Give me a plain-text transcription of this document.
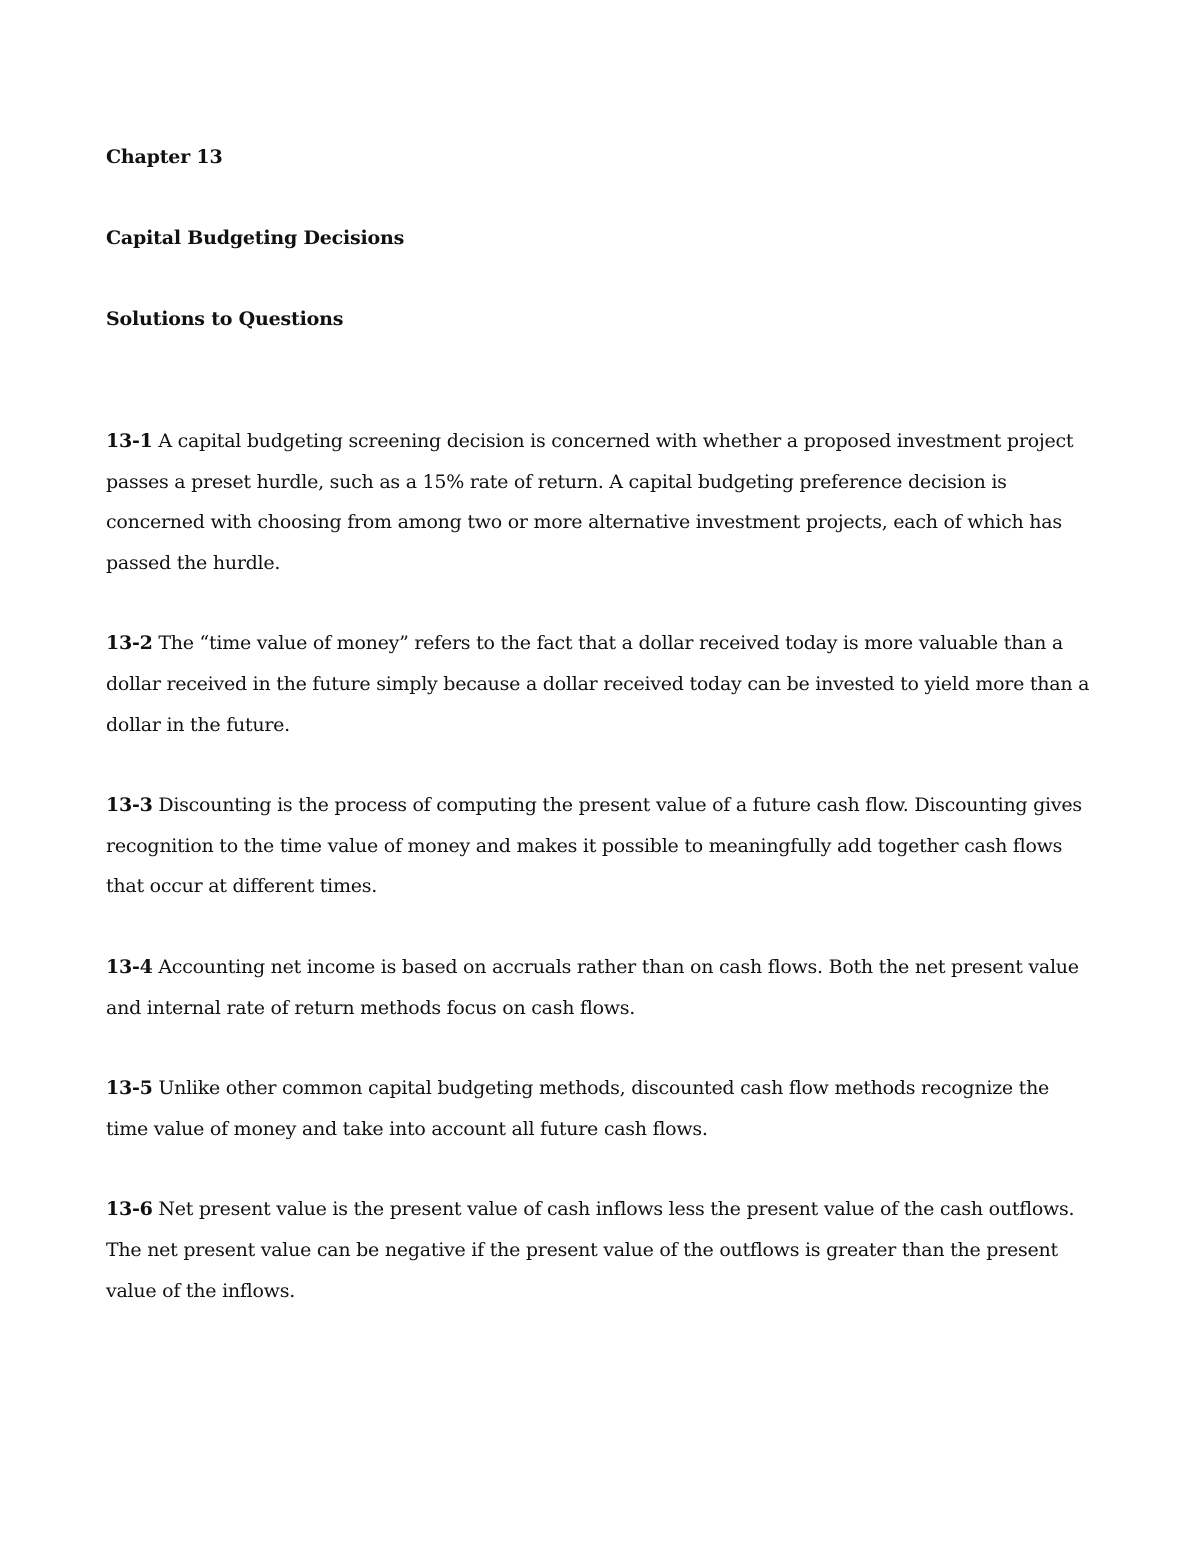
Chapter 13

Capital Budgeting Decisions

Solutions to Questions

13-1 A capital budgeting screening decision is concerned with whether a proposed investment project passes a preset hurdle, such as a 15% rate of return. A capital budgeting preference decision is concerned with choosing from among two or more alternative investment projects, each of which has passed the hurdle.

13-2 The “time value of money” refers to the fact that a dollar received today is more valuable than a dollar received in the future simply because a dollar received today can be invested to yield more than a dollar in the future.

13-3 Discounting is the process of computing the present value of a future cash flow. Discounting gives recognition to the time value of money and makes it possible to meaningfully add together cash flows that occur at different times.

13-4 Accounting net income is based on accruals rather than on cash flows. Both the net present value and internal rate of return methods focus on cash flows.

13-5 Unlike other common capital budgeting methods, discounted cash flow methods recognize the time value of money and take into account all future cash flows.

13-6 Net present value is the present value of cash inflows less the present value of the cash outflows. The net present value can be negative if the present value of the outflows is greater than the present value of the inflows.
